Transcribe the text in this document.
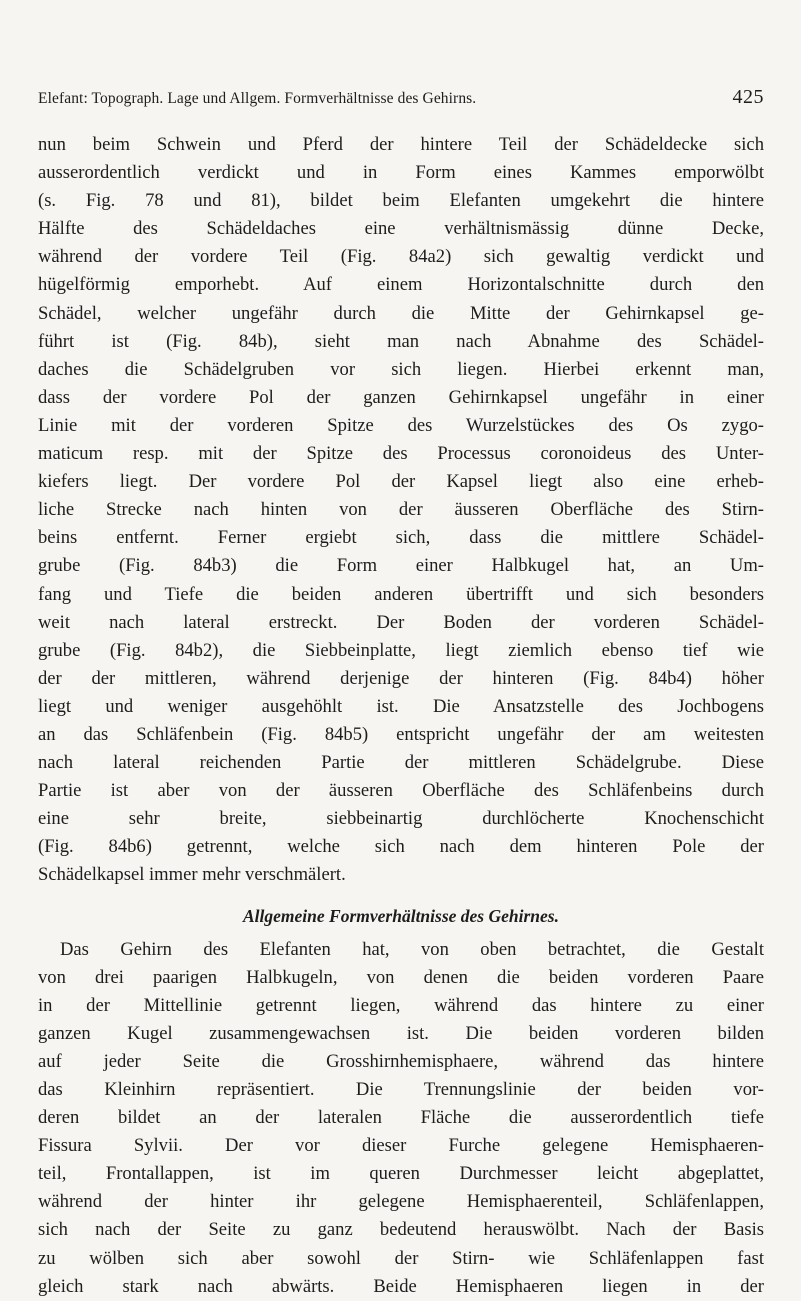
Elefant: Topograph. Lage und Allgem. Formverhältnisse des Gehirns.	425
nun beim Schwein und Pferd der hintere Teil der Schädeldecke sich
ausserordentlich verdickt und in Form eines Kammes emporwölbt
(s. Fig. 78 und 81), bildet beim Elefanten umgekehrt die hintere
Hälfte des Schädeldaches eine verhältnismässig dünne Decke,
während der vordere Teil (Fig. 84a2) sich gewaltig verdickt und
hügelförmig emporhebt. Auf einem Horizontalschnitte durch den
Schädel, welcher ungefähr durch die Mitte der Gehirnkapsel ge-
führt ist (Fig. 84b), sieht man nach Abnahme des Schädel-
daches die Schädelgruben vor sich liegen. Hierbei erkennt man,
dass der vordere Pol der ganzen Gehirnkapsel ungefähr in einer
Linie mit der vorderen Spitze des Wurzelstückes des Os zygo-
maticum resp. mit der Spitze des Processus coronoideus des Unter-
kiefers liegt. Der vordere Pol der Kapsel liegt also eine erheb-
liche Strecke nach hinten von der äusseren Oberfläche des Stirn-
beins entfernt. Ferner ergiebt sich, dass die mittlere Schädel-
grube (Fig. 84b3) die Form einer Halbkugel hat, an Um-
fang und Tiefe die beiden anderen übertrifft und sich besonders
weit nach lateral erstreckt. Der Boden der vorderen Schädel-
grube (Fig. 84b2), die Siebbeinplatte, liegt ziemlich ebenso tief wie
der der mittleren, während derjenige der hinteren (Fig. 84b4) höher
liegt und weniger ausgehöhlt ist. Die Ansatzstelle des Jochbogens
an das Schläfenbein (Fig. 84b5) entspricht ungefähr der am weitesten
nach lateral reichenden Partie der mittleren Schädelgrube. Diese
Partie ist aber von der äusseren Oberfläche des Schläfenbeins durch
eine sehr breite, siebbeinartig durchlöcherte Knochenschicht
(Fig. 84b6) getrennt, welche sich nach dem hinteren Pole der
Schädelkapsel immer mehr verschmälert.
Allgemeine Formverhältnisse des Gehirnes.
Das Gehirn des Elefanten hat, von oben betrachtet, die Gestalt
von drei paarigen Halbkugeln, von denen die beiden vorderen Paare
in der Mittellinie getrennt liegen, während das hintere zu einer
ganzen Kugel zusammengewachsen ist. Die beiden vorderen bilden
auf jeder Seite die Grosshirnhemisphaere, während das hintere
das Kleinhirn repräsentiert. Die Trennungslinie der beiden vor-
deren bildet an der lateralen Fläche die ausserordentlich tiefe
Fissura Sylvii. Der vor dieser Furche gelegene Hemisphaeren-
teil, Frontallappen, ist im queren Durchmesser leicht abgeplattet,
während der hinter ihr gelegene Hemisphaerenteil, Schläfenlappen,
sich nach der Seite zu ganz bedeutend herauswölbt. Nach der Basis
zu wölben sich aber sowohl der Stirn- wie Schläfenlappen fast
gleich stark nach abwärts. Beide Hemisphaeren liegen in der
